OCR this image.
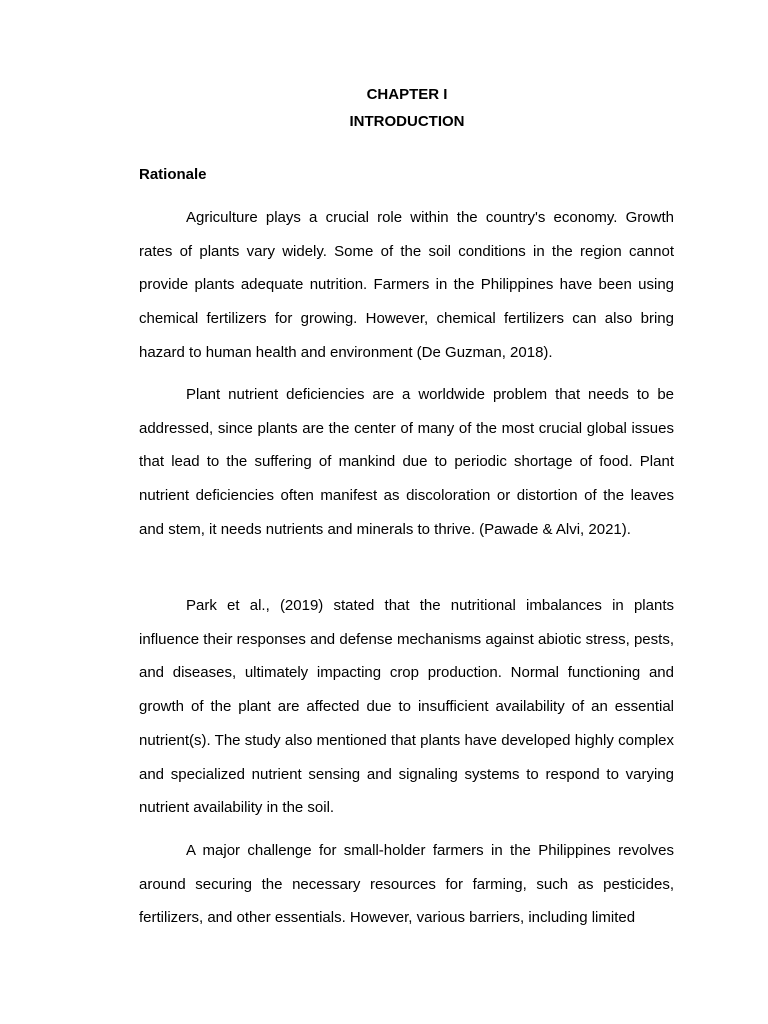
CHAPTER I

INTRODUCTION

Rationale

Agriculture plays a crucial role within the country's economy. Growth rates of plants vary widely. Some of the soil conditions in the region cannot provide plants adequate nutrition. Farmers in the Philippines have been using chemical fertilizers for growing. However, chemical fertilizers can also bring hazard to human health and environment (De Guzman, 2018).

Plant nutrient deficiencies are a worldwide problem that needs to be addressed, since plants are the center of many of the most crucial global issues that lead to the suffering of mankind due to periodic shortage of food. Plant nutrient deficiencies often manifest as discoloration or distortion of the leaves and stem, it needs nutrients and minerals to thrive. (Pawade & Alvi, 2021).

Park et al., (2019) stated that the nutritional imbalances in plants influence their responses and defense mechanisms against abiotic stress, pests, and diseases, ultimately impacting crop production. Normal functioning and growth of the plant are affected due to insufficient availability of an essential nutrient(s). The study also mentioned that plants have developed highly complex and specialized nutrient sensing and signaling systems to respond to varying nutrient availability in the soil.

A major challenge for small-holder farmers in the Philippines revolves around securing the necessary resources for farming, such as pesticides, fertilizers, and other essentials. However, various barriers, including limited
